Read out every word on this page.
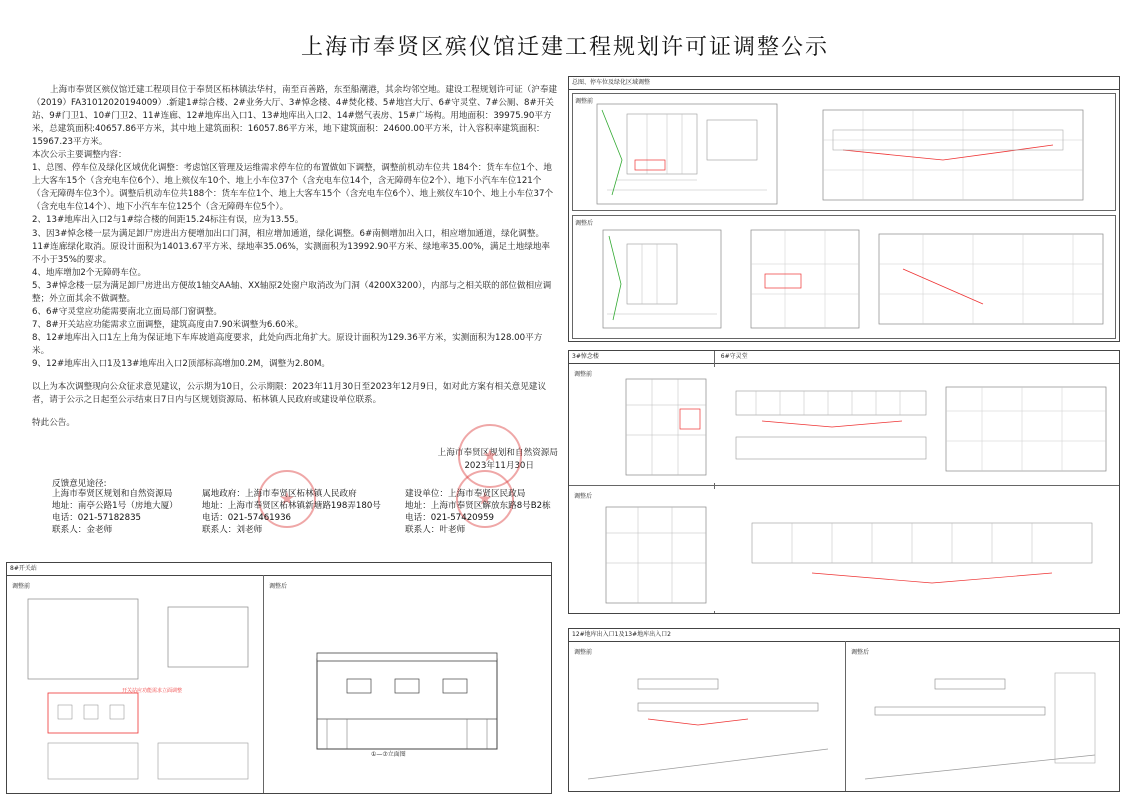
上海市奉贤区殡仪馆迁建工程规划许可证调整公示

上海市奉贤区殡仪馆迁建工程项目位于奉贤区柘林镇法华村，南至百善路，东至船潮港，其余均邻空地。建设工程规划许可证（沪奉建（2019）FA31012020194009）.新建1#综合楼、2#业务大厅、3#悼念楼、4#焚化楼、5#地宫大厅、6#守灵堂、7#公厕、8#开关站、9#门卫1、10#门卫2、11#连廊、12#地库出入口1、13#地库出入口2、14#燃气表房、15#广场构。用地面积：39975.90平方米，总建筑面积:40657.86平方米，其中地上建筑面积：16057.86平方米，地下建筑面积：24600.00平方米，计入容积率建筑面积：15967.23平方米。

本次公示主要调整内容：

1、总图、停车位及绿化区域优化调整：考虑馆区管理及运维需求停车位的布置做如下调整，调整前机动车位共 184个：货车车位1个、地上大客车15个（含充电车位6个）、地上殡仪车10个、地上小车位37个（含充电车位14个，含无障碍车位2个）、地下小汽车车位121个（含无障碍车位3个）。调整后机动车位共188个：货车车位1个、地上大客车15个（含充电车位6个）、地上殡仪车10个、地上小车位37个（含充电车位14个）、地下小汽车车位125个（含无障碍车位5个）。

2、13#地库出入口2与1#综合楼的间距15.24标注有误，应为13.55。

3、因3#悼念楼一层为满足卸尸房进出方便增加出口门洞，相应增加通道，绿化调整。6#南侧增加出入口，相应增加通道，绿化调整。11#连廊绿化取消。原设计面积为14013.67平方米、绿地率35.06%，实测面积为13992.90平方米、绿地率35.00%，满足土地绿地率不小于35%的要求。

4、地库增加2个无障碍车位。

5、3#悼念楼一层为满足卸尸房进出方便故1轴交AA轴、XX轴原2处窗户取消改为门洞（4200X3200），内部与之相关联的部位做相应调整；外立面其余不做调整。

6、6#守灵堂应功能需要南北立面局部门窗调整。

7、8#开关站应功能需求立面调整，建筑高度由7.90米调整为6.60米。

8、12#地库出入口1左上角为保证地下车库坡道高度要求，此处向西北角扩大。原设计面积为129.36平方米，实测面积为128.00平方米。

9、12#地库出入口1及13#地库出入口2顶部标高增加0.2M，调整为2.80M。

以上为本次调整现向公众征求意见建议，公示期为10日，公示期限：2023年11月30日至2023年12月9日，如对此方案有相关意见建议者，请于公示之日起至公示结束日7日内与区规划资源局、柘林镇人民政府或建设单位联系。

特此公告。

上海市奉贤区规划和自然资源局
2023年11月30日
★
★
★
反馈意见途径:

上海市奉贤区规划和自然资源局

地址：南亭公路1号（房地大厦）

电话：021-57182835

联系人：金老师

属地政府：上海市奉贤区柘林镇人民政府

地址：上海市奉贤区柘林镇新塘路198弄180号

电话：021-57461936

联系人：刘老师

建设单位：上海市奉贤区民政局

地址：上海市奉贤区解放东路8号B2栋

电话：021-57420959

联系人：叶老师

总图、停车位及绿化区域调整
调整前
调整后
3#悼念楼	6#守灵堂
调整前
调整后
12#地库出入口1及13#地库出入口2
调整前	调整后
8#开关站
调整前
开关站应功能需求立面调整
调整后
①—⑦立面图
